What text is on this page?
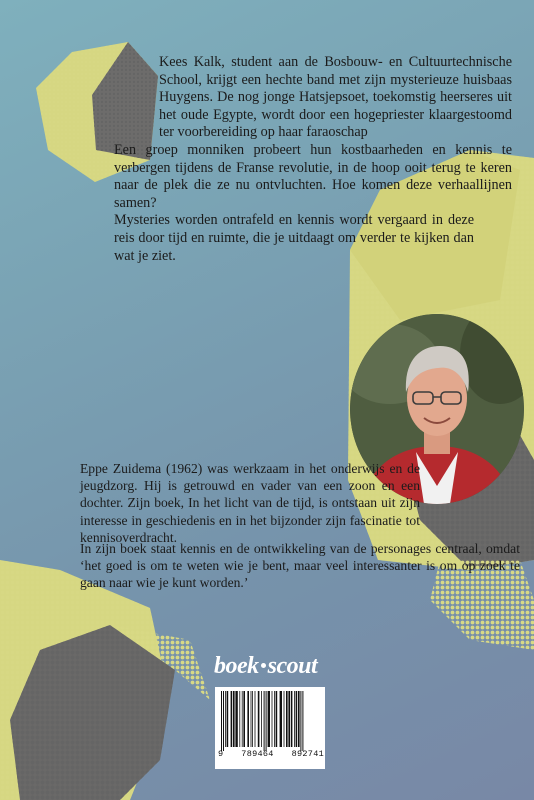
Kees Kalk, student aan de Bosbouw- en Cultuurtechnische School, krijgt een hechte band met zijn mysterieuze huisbaas Huygens. De nog jonge Hatsjepsoet, toekomstig heerseres uit het oude Egypte, wordt door een hogepriester klaargestoomd ter voorbereiding op haar faraoschap

Een groep monniken probeert hun kostbaarheden en kennis te verbergen tijdens de Franse revolutie, in de hoop ooit terug te keren naar de plek die ze nu ontvluchten. Hoe komen deze verhaallijnen samen?

Mysteries worden ontrafeld en kennis wordt vergaard in deze reis door tijd en ruimte, die je uitdaagt om verder te kijken dan wat je ziet.

Eppe Zuidema (1962) was werkzaam in het onderwijs en de jeugdzorg. Hij is getrouwd en vader van een zoon en een dochter. Zijn boek, In het licht van de tijd, is ontstaan uit zijn interesse in geschiedenis en in het bijzonder zijn fascinatie tot kennisoverdracht.

In zijn boek staat kennis en de ontwikkeling van de personages centraal, omdat ‘het goed is om te weten wie je bent, maar veel interessanter is om op zoek te gaan naar wie je kunt worden.’

boek scout
9 789464 892741
